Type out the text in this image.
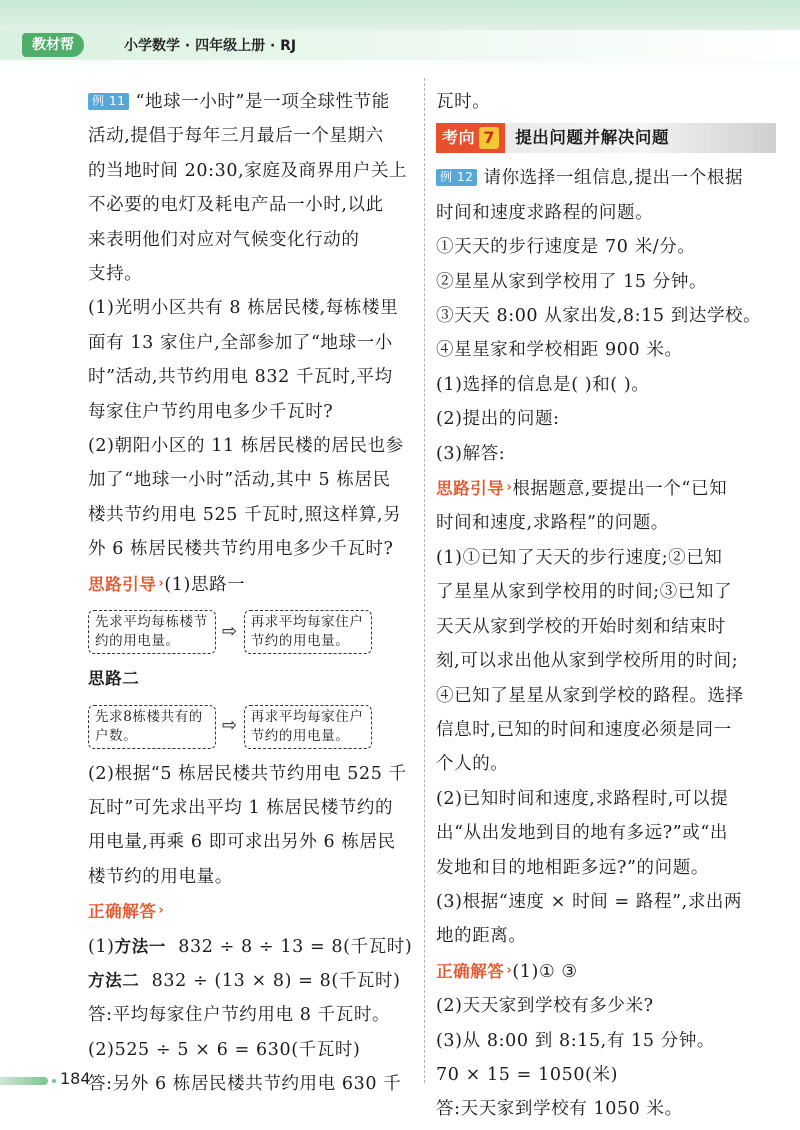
教材帮	小学数学 · 四年级上册 · RJ

例 11 “地球一小时”是一项全球性节能

活动,提倡于每年三月最后一个星期六

的当地时间 20:30,家庭及商界用户关上

不必要的电灯及耗电产品一小时,以此

来表明他们对应对气候变化行动的

支持。

(1)光明小区共有 8 栋居民楼,每栋楼里

面有 13 家住户,全部参加了“地球一小

时”活动,共节约用电 832 千瓦时,平均

每家住户节约用电多少千瓦时?

(2)朝阳小区的 11 栋居民楼的居民也参

加了“地球一小时”活动,其中 5 栋居民

楼共节约用电 525 千瓦时,照这样算,另

外 6 栋居民楼共节约用电多少千瓦时?

思路引导 › (1)思路一

先求平均每栋楼节约的用电量。	⇨ 再求平均每家住户节约的用电量。

思路二

先求8栋楼共有的户数。	⇨ 再求平均每家住户节约的用电量。

(2)根据“5 栋居民楼共节约用电 525 千

瓦时”可先求出平均 1 栋居民楼节约的

用电量,再乘 6 即可求出另外 6 栋居民

楼节约的用电量。

正确解答 ›

(1)方法一 832 ÷ 8 ÷ 13 = 8(千瓦时)

方法二 832 ÷ (13 × 8) = 8(千瓦时)

答:平均每家住户节约用电 8 千瓦时。

(2)525 ÷ 5 × 6 = 630(千瓦时)

答:另外 6 栋居民楼共节约用电 630 千

瓦时。

考向 7 提出问题并解决问题

例 12 请你选择一组信息,提出一个根据

时间和速度求路程的问题。

①天天的步行速度是 70 米/分。

②星星从家到学校用了 15 分钟。

③天天 8:00 从家出发,8:15 到达学校。

④星星家和学校相距 900 米。

(1)选择的信息是( )和( )。

(2)提出的问题:

(3)解答:

思路引导 › 根据题意,要提出一个“已知

时间和速度,求路程”的问题。

(1)①已知了天天的步行速度;②已知

了星星从家到学校用的时间;③已知了

天天从家到学校的开始时刻和结束时

刻,可以求出他从家到学校所用的时间;

④已知了星星从家到学校的路程。选择

信息时,已知的时间和速度必须是同一

个人的。

(2)已知时间和速度,求路程时,可以提

出“从出发地到目的地有多远?”或“出

发地和目的地相距多远?”的问题。

(3)根据“速度 × 时间 = 路程”,求出两

地的距离。

正确解答 › (1)① ③

(2)天天家到学校有多少米?

(3)从 8:00 到 8:15,有 15 分钟。

70 × 15 = 1050(米)

答:天天家到学校有 1050 米。

184
